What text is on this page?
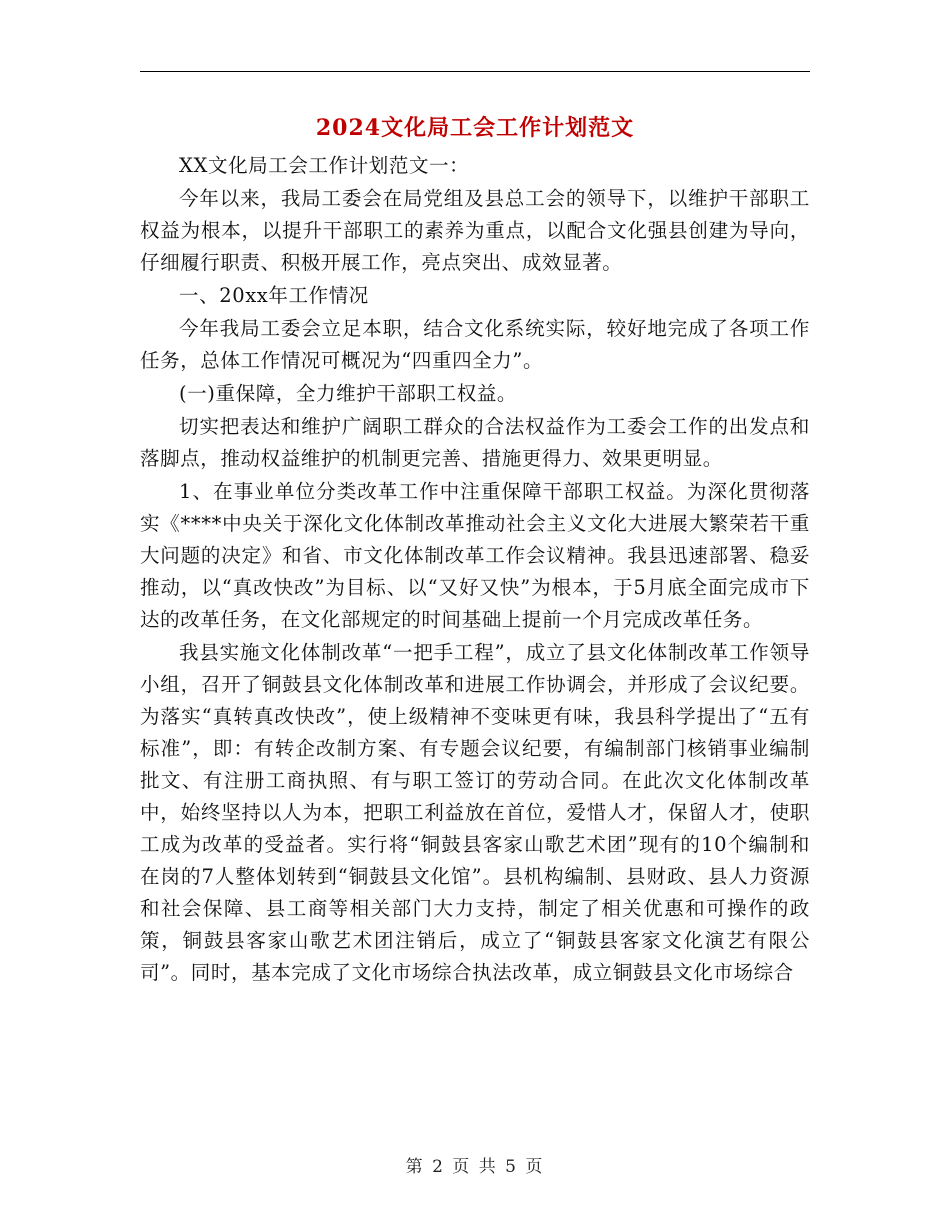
2024文化局工会工作计划范文

XX文化局工会工作计划范文一：

今年以来，我局工委会在局党组及县总工会的领导下，以维护干部职工权益为根本，以提升干部职工的素养为重点，以配合文化强县创建为导向，仔细履行职责、积极开展工作，亮点突出、成效显著。

一、20xx年工作情况

今年我局工委会立足本职，结合文化系统实际，较好地完成了各项工作任务，总体工作情况可概况为“四重四全力”。

(一)重保障，全力维护干部职工权益。

切实把表达和维护广阔职工群众的合法权益作为工委会工作的出发点和落脚点，推动权益维护的机制更完善、措施更得力、效果更明显。

1、在事业单位分类改革工作中注重保障干部职工权益。为深化贯彻落实《****中央关于深化文化体制改革推动社会主义文化大进展大繁荣若干重大问题的决定》和省、市文化体制改革工作会议精神。我县迅速部署、稳妥推动，以“真改快改”为目标、以“又好又快”为根本，于5月底全面完成市下达的改革任务，在文化部规定的时间基础上提前一个月完成改革任务。

我县实施文化体制改革“一把手工程”，成立了县文化体制改革工作领导小组，召开了铜鼓县文化体制改革和进展工作协调会，并形成了会议纪要。为落实“真转真改快改”，使上级精神不变味更有味，我县科学提出了“五有标准”，即：有转企改制方案、有专题会议纪要，有编制部门核销事业编制批文、有注册工商执照、有与职工签订的劳动合同。在此次文化体制改革中，始终坚持以人为本，把职工利益放在首位，爱惜人才，保留人才，使职工成为改革的受益者。实行将“铜鼓县客家山歌艺术团”现有的10个编制和在岗的7人整体划转到“铜鼓县文化馆”。县机构编制、县财政、县人力资源和社会保障、县工商等相关部门大力支持，制定了相关优惠和可操作的政策，铜鼓县客家山歌艺术团注销后，成立了“铜鼓县客家文化演艺有限公司”。同时，基本完成了文化市场综合执法改革，成立铜鼓县文化市场综合

第 2 页 共 5 页
